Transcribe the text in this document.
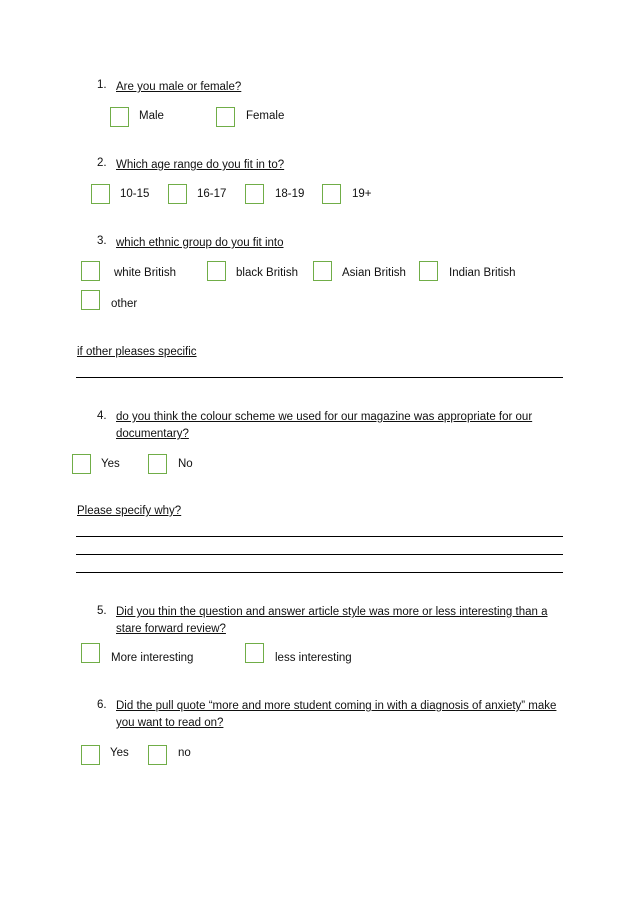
1. Are you male or female?
Male	Female
2. Which age range do you fit in to?
10-15	16-17	18-19	19+
3. which ethnic group do you fit into
white British	black British	Asian British	Indian British
other
if other pleases specific
4. do you think the colour scheme we used for our magazine was appropriate for our documentary?
Yes	No
Please specify why?
5. Did you thin the question and answer article style was more or less interesting than a stare forward review?
More interesting	less interesting
6. Did the pull quote “more and more student coming in with a diagnosis of anxiety” make you want to read on?
Yes	no
